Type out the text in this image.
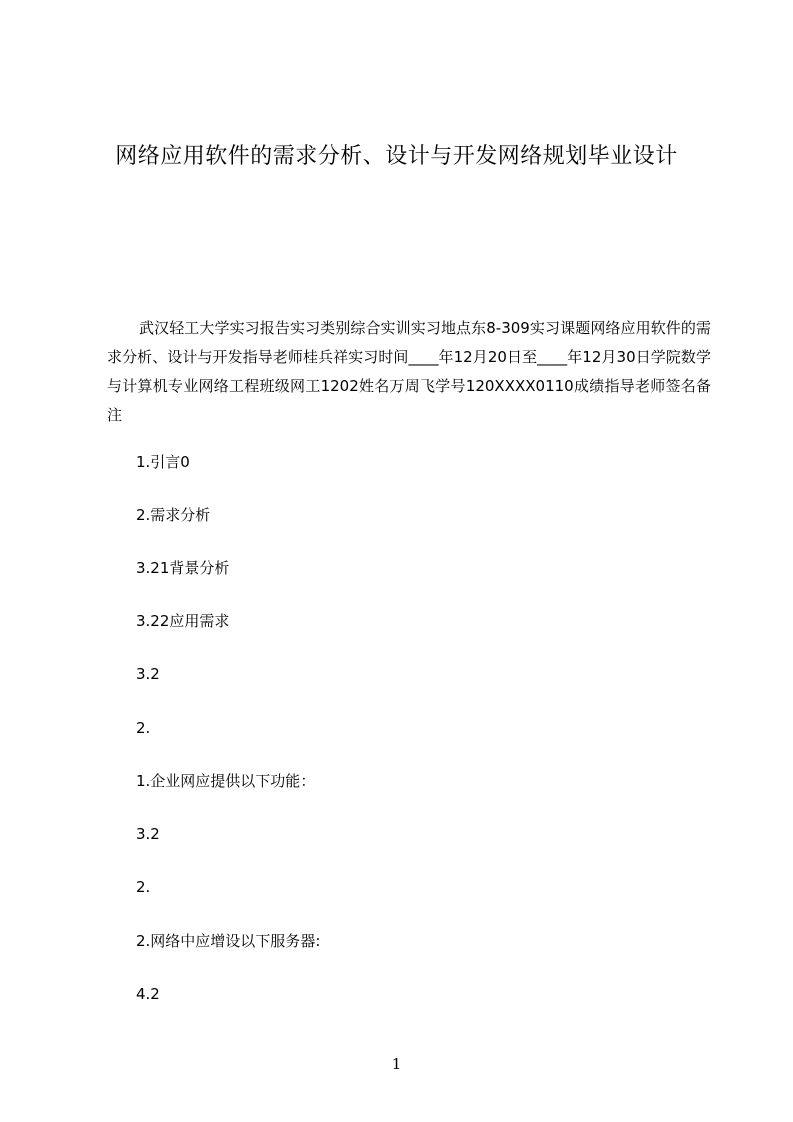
网络应用软件的需求分析、设计与开发网络规划毕业设计

武汉轻工大学实习报告实习类别综合实训实习地点东8-309实习课题网络应用软件的需求分析、设计与开发指导老师桂兵祥实习时间____年12月20日至____年12月30日学院数学与计算机专业网络工程班级网工1202姓名万周飞学号120XXXX0110成绩指导老师签名备注

1.引言0

2.需求分析

3.21背景分析

3.22应用需求

3.2

2.

1.企业网应提供以下功能：

3.2

2.

2.网络中应增设以下服务器:

4.2

1
